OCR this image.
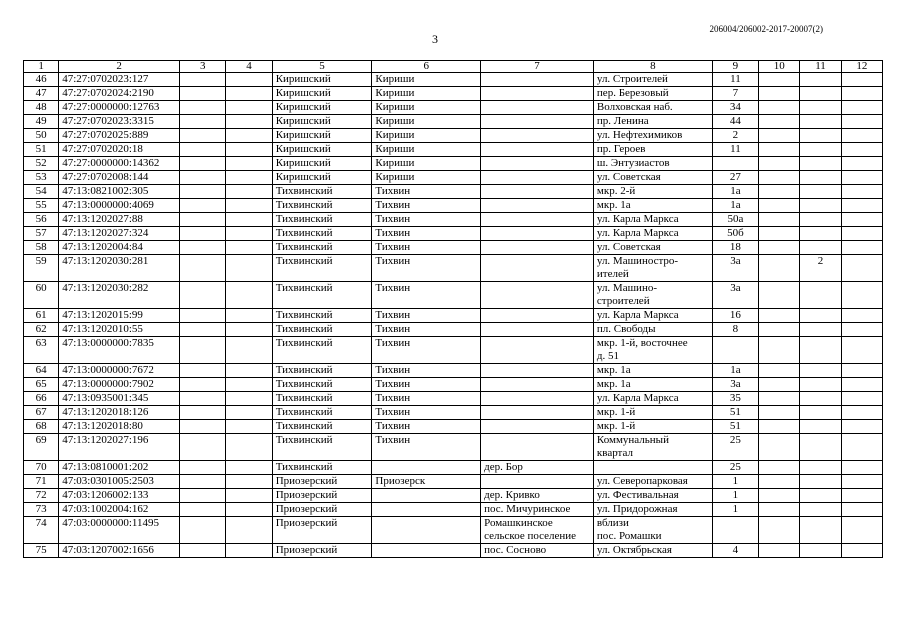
206004/206002-2017-20007(2)
3
1	2	3	4	5	6	7	8	9	10	11	12
46	47:27:0702023:127			Киришский	Кириши		ул. Строителей	11			
47	47:27:0702024:2190			Киришский	Кириши		пер. Березовый	7			
48	47:27:0000000:12763			Киришский	Кириши		Волховская наб.	34			
49	47:27:0702023:3315			Киришский	Кириши		пр. Ленина	44			
50	47:27:0702025:889			Киришский	Кириши		ул. Нефтехимиков	2			
51	47:27:0702020:18			Киришский	Кириши		пр. Героев	11			
52	47:27:0000000:14362			Киришский	Кириши		ш. Энтузиастов				
53	47:27:0702008:144			Киришский	Кириши		ул. Советская	27			
54	47:13:0821002:305			Тихвинский	Тихвин		мкр. 2-й	1а			
55	47:13:0000000:4069			Тихвинский	Тихвин		мкр. 1а	1а			
56	47:13:1202027:88			Тихвинский	Тихвин		ул. Карла Маркса	50а			
57	47:13:1202027:324			Тихвинский	Тихвин		ул. Карла Маркса	50б			
58	47:13:1202004:84			Тихвинский	Тихвин		ул. Советская	18			
59	47:13:1202030:281			Тихвинский	Тихвин		ул. Машиностро-
ителей	3а		2	
60	47:13:1202030:282			Тихвинский	Тихвин		ул. Машино-
строителей	3а			
61	47:13:1202015:99			Тихвинский	Тихвин		ул. Карла Маркса	16			
62	47:13:1202010:55			Тихвинский	Тихвин		пл. Свободы	8			
63	47:13:0000000:7835			Тихвинский	Тихвин		мкр. 1-й, восточнее
д. 51				
64	47:13:0000000:7672			Тихвинский	Тихвин		мкр. 1а	1а			
65	47:13:0000000:7902			Тихвинский	Тихвин		мкр. 1а	3а			
66	47:13:0935001:345			Тихвинский	Тихвин		ул. Карла Маркса	35			
67	47:13:1202018:126			Тихвинский	Тихвин		мкр. 1-й	51			
68	47:13:1202018:80			Тихвинский	Тихвин		мкр. 1-й	51			
69	47:13:1202027:196			Тихвинский	Тихвин		Коммунальный
квартал	25			
70	47:13:0810001:202			Тихвинский		дер. Бор		25			
71	47:03:0301005:2503			Приозерский	Приозерск		ул. Северопарковая	1			
72	47:03:1206002:133			Приозерский		дер. Кривко	ул. Фестивальная	1			
73	47:03:1002004:162			Приозерский		пос. Мичуринское	ул. Придорожная	1			
74	47:03:0000000:11495			Приозерский		Ромашкинское
сельское поселение	вблизи
пос. Ромашки				
75	47:03:1207002:1656			Приозерский		пос. Сосново	ул. Октябрьская	4			
